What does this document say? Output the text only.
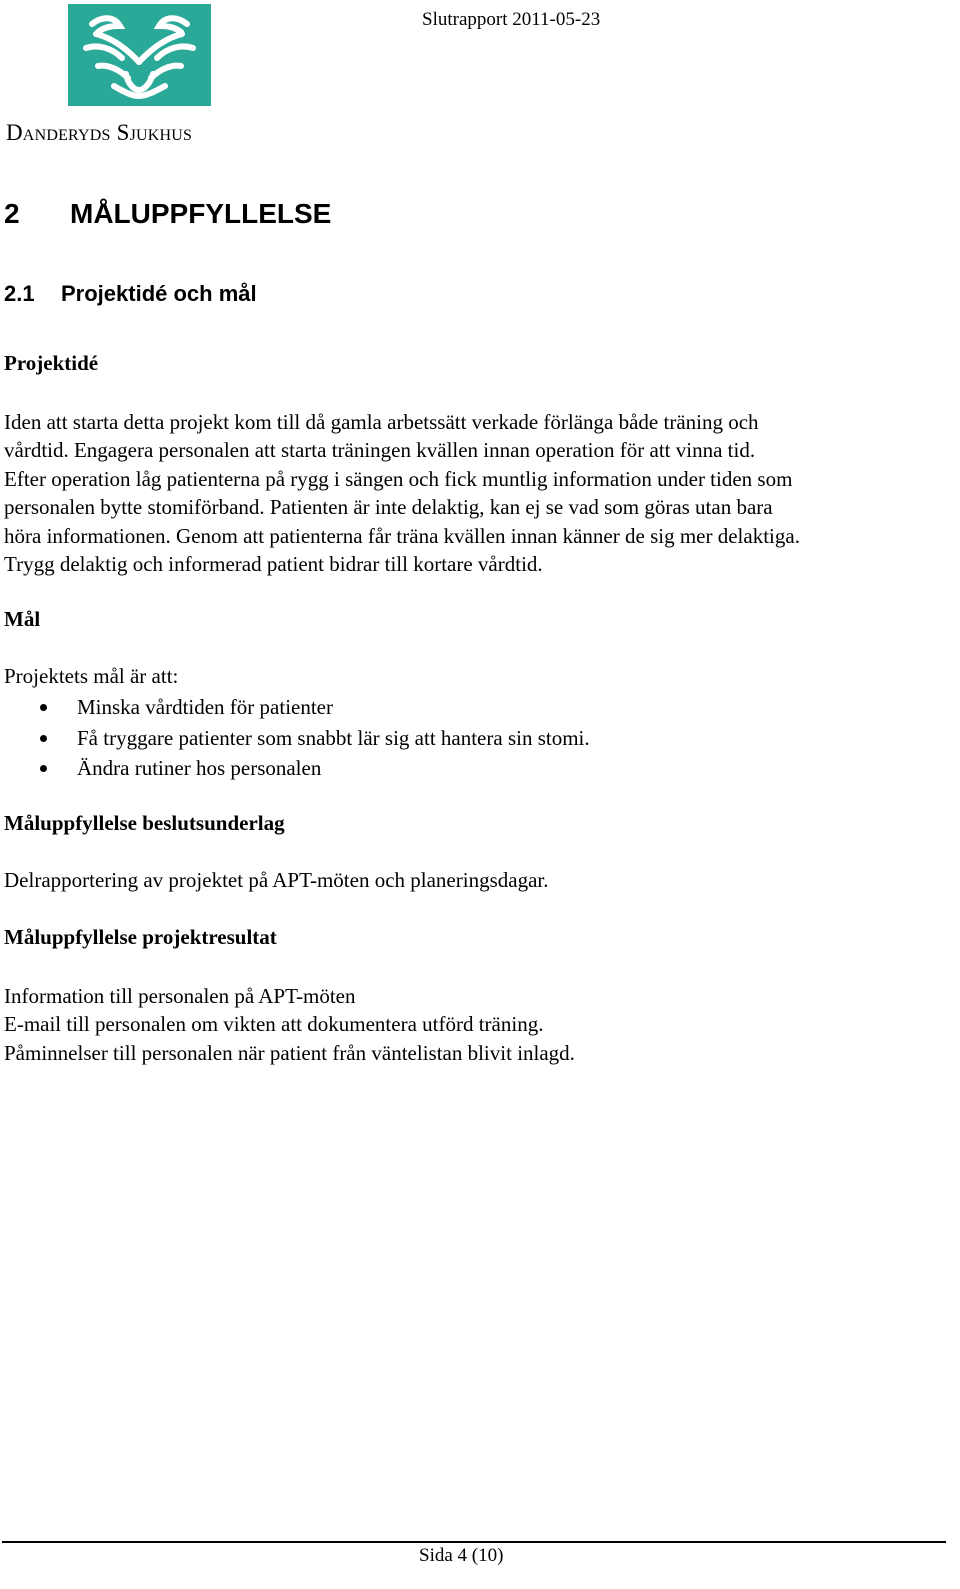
Danderyds Sjukhus
Slutrapport 2011-05-23
2 MÅLUPPFYLLELSE
2.1 Projektidé och mål
Projektidé
Iden att starta detta projekt kom till då gamla arbetssätt verkade förlänga både träning och
vårdtid. Engagera personalen att starta träningen kvällen innan operation för att vinna tid.
Efter operation låg patienterna på rygg i sängen och fick muntlig information under tiden som
personalen bytte stomiförband. Patienten är inte delaktig, kan ej se vad som göras utan bara
höra informationen. Genom att patienterna får träna kvällen innan känner de sig mer delaktiga.
Trygg delaktig och informerad patient bidrar till kortare vårdtid.
Mål
Projektets mål är att:
Minska vårdtiden för patienter
Få tryggare patienter som snabbt lär sig att hantera sin stomi.
Ändra rutiner hos personalen
Måluppfyllelse beslutsunderlag
Delrapportering av projektet på APT-möten och planeringsdagar.
Måluppfyllelse projektresultat
Information till personalen på APT-möten
E-mail till personalen om vikten att dokumentera utförd träning.
Påminnelser till personalen när patient från väntelistan blivit inlagd.
Sida 4 (10)
